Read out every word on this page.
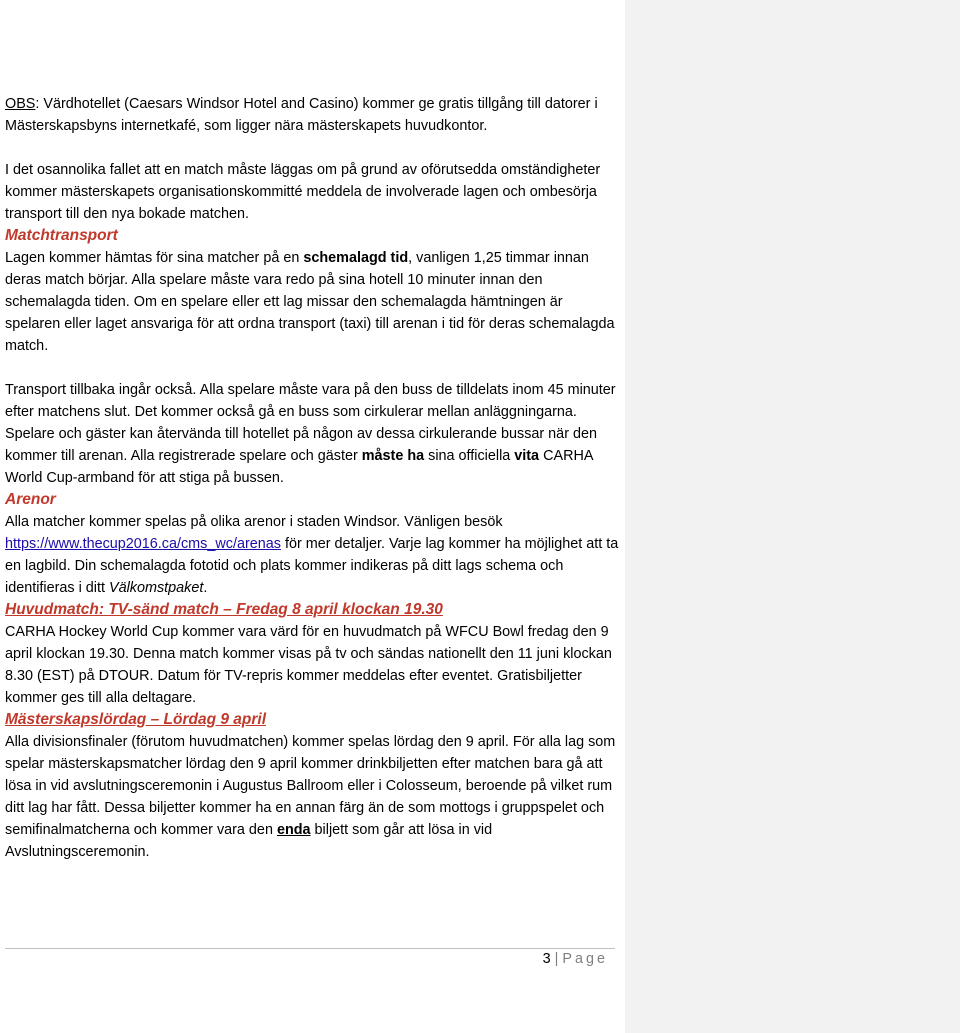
OBS: Värdhotellet (Caesars Windsor Hotel and Casino) kommer ge gratis tillgång till datorer i Mästerskapsbyns internetkafé, som ligger nära mästerskapets huvudkontor.

I det osannolika fallet att en match måste läggas om på grund av oförutsedda omständigheter kommer mästerskapets organisationskommitté meddela de involverade lagen och ombesörja transport till den nya bokade matchen.

Matchtransport

Lagen kommer hämtas för sina matcher på en schemalagd tid, vanligen 1,25 timmar innan deras match börjar. Alla spelare måste vara redo på sina hotell 10 minuter innan den schemalagda tiden. Om en spelare eller ett lag missar den schemalagda hämtningen är spelaren eller laget ansvariga för att ordna transport (taxi) till arenan i tid för deras schemalagda match.

Transport tillbaka ingår också. Alla spelare måste vara på den buss de tilldelats inom 45 minuter efter matchens slut. Det kommer också gå en buss som cirkulerar mellan anläggningarna. Spelare och gäster kan återvända till hotellet på någon av dessa cirkulerande bussar när den kommer till arenan. Alla registrerade spelare och gäster måste ha sina officiella vita CARHA World Cup-armband för att stiga på bussen.

Arenor

Alla matcher kommer spelas på olika arenor i staden Windsor. Vänligen besök https://www.thecup2016.ca/cms_wc/arenas för mer detaljer. Varje lag kommer ha möjlighet att ta en lagbild. Din schemalagda fototid och plats kommer indikeras på ditt lags schema och identifieras i ditt Välkomstpaket.

Huvudmatch: TV-sänd match – Fredag 8 april klockan 19.30

CARHA Hockey World Cup kommer vara värd för en huvudmatch på WFCU Bowl fredag den 9 april klockan 19.30. Denna match kommer visas på tv och sändas nationellt den 11 juni klockan 8.30 (EST) på DTOUR. Datum för TV-repris kommer meddelas efter eventet. Gratisbiljetter kommer ges till alla deltagare.

Mästerskapslördag – Lördag 9 april

Alla divisionsfinaler (förutom huvudmatchen) kommer spelas lördag den 9 april. För alla lag som spelar mästerskapsmatcher lördag den 9 april kommer drinkbiljetten efter matchen bara gå att lösa in vid avslutningsceremonin i Augustus Ballroom eller i Colosseum, beroende på vilket rum ditt lag har fått. Dessa biljetter kommer ha en annan färg än de som mottogs i gruppspelet och semifinalmatcherna och kommer vara den enda biljett som går att lösa in vid Avslutningsceremonin.

3 | Page
